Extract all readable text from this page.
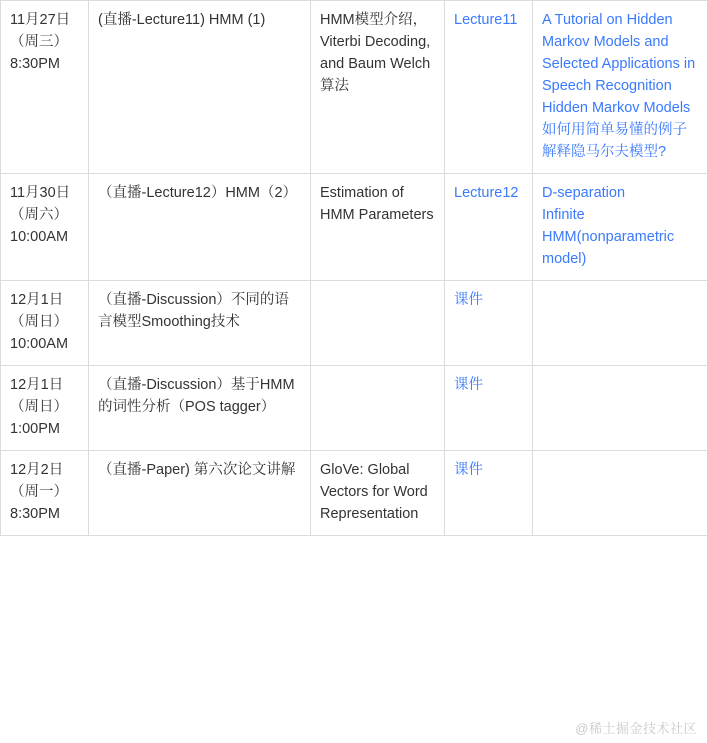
11月27日（周三）8:30PM	(直播-Lecture11) HMM (1)	HMM模型介绍，Viterbi Decoding, and Baum Welch算法	Lecture11	A Tutorial on Hidden Markov Models and Selected Applications in Speech Recognition Hidden Markov Models
如何用简单易懂的例子解释隐马尔夫模型?

11月30日（周六）10:00AM	（直播-Lecture12）HMM（2）	Estimation of HMM Parameters	Lecture12	D-separation
Infinite HMM(nonparametric model)

12月1日（周日）10:00AM	（直播-Discussion）不同的语言模型Smoothing技术		课件	
12月1日（周日）1:00PM	（直播-Discussion）基于HMM的词性分析（POS tagger）		课件	
12月2日（周一）8:30PM	（直播-Paper) 第六次论文讲解	GloVe: Global Vectors for Word Representation	课件	
@稀土掘金技术社区
